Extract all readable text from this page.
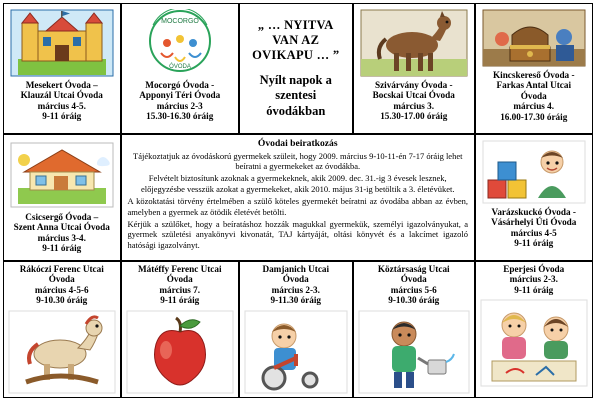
Mesekert Óvoda –
Klauzál Utcai Óvoda
március 4-5.
9-11 óráig
MOCORGÓ
ÓVODA
Mocorgó Óvoda -
Apponyi Téri Óvoda
március 2-3
15.30-16.30 óráig
„ … NYITVA
VAN AZ
OVIKAPU … ”
Nyílt napok a
szentesi
óvodákban
Szivárvány Óvoda -
Bocskai Utcai Óvoda
március 3.
15.30-17.00 óráig
Kincskereső Óvoda -
Farkas Antal Utcai
Óvoda
március 4.
16.00-17.30 óráig
Csicsergő Óvoda –
Szent Anna Utcai Óvoda
március 3-4.
9-11 óráig
Óvodai beiratkozás

Tájékoztatjuk az óvodáskorú gyermekek szüleit, hogy 2009. március 9-10-11-én 7-17 óráig lehet beíratni a gyermekeket az óvodákba.

Felvételt biztosítunk azoknak a gyermekeknek, akik 2009. dec. 31.-ig 3 évesek lesznek, előjegyzésbe vesszük azokat a gyermekeket, akik 2010. május 31-ig betöltik a 3. életévüket.

A közoktatási törvény értelmében a szülő köteles gyermekét beíratni az óvodába abban az évben, amelyben a gyermek az ötödik életévét betölti.

Kérjük a szülőket, hogy a beíratáshoz hozzák magukkal gyermekük, személyi igazolványukat, a gyermek születési anyakönyvi kivonatát, TAJ kártyáját, oltási könyvét és a lakcímet igazoló hatósági igazolványt.

Varázskuckó Óvoda -
Vásárhelyi Úti Óvoda
március 4-5
9-11 óráig
Rákóczi Ferenc Utcai
Óvoda
március 4-5-6
9-10.30 óráig
Mátéffy Ferenc Utcai
Óvoda
március 7.
9-11 óráig
Damjanich Utcai
Óvoda
március 2-3.
9-11.30 óráig
Köztársaság Utcai
Óvoda
március 5-6
9-10.30 óráig
Eperjesi Óvoda
március 2-3.
9-11 óráig
